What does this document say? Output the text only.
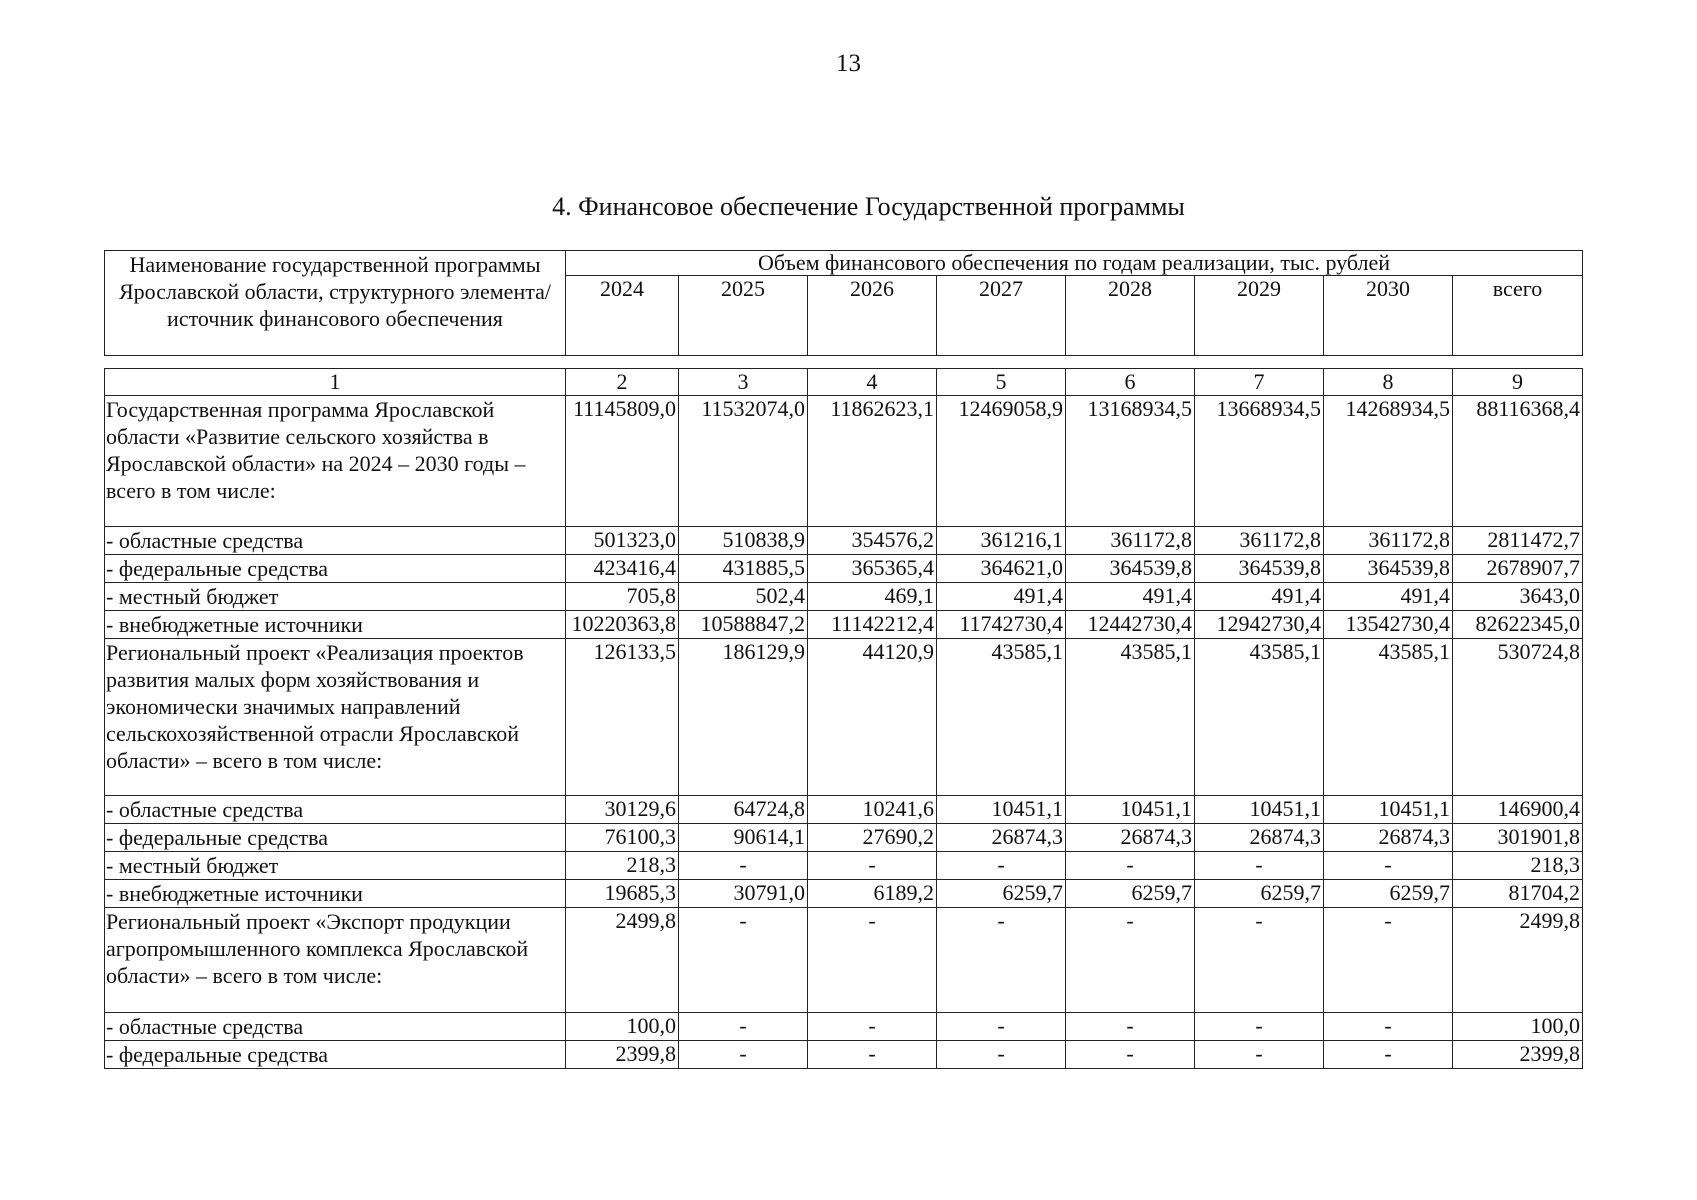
13
4. Финансовое обеспечение Государственной программы
Наименование государственной программы Ярославской области, структурного элемента/ источник финансового обеспечения	Объем финансового обеспечения по годам реализации, тыс. рублей							
	2024	2025	2026	2027	2028	2029	2030	всего
1	2	3	4	5	6	7	8	9
Государственная программа Ярославской области «Развитие сельского хозяйства в Ярославской области» на 2024 – 2030 годы – всего в том числе:	11145809,0	11532074,0	11862623,1	12469058,9	13168934,5	13668934,5	14268934,5	88116368,4
- областные средства	501323,0	510838,9	354576,2	361216,1	361172,8	361172,8	361172,8	2811472,7
- федеральные средства	423416,4	431885,5	365365,4	364621,0	364539,8	364539,8	364539,8	2678907,7
- местный бюджет	705,8	502,4	469,1	491,4	491,4	491,4	491,4	3643,0
- внебюджетные источники	10220363,8	10588847,2	11142212,4	11742730,4	12442730,4	12942730,4	13542730,4	82622345,0
Региональный проект «Реализация проектов развития малых форм хозяйствования и экономически значимых направлений сельскохозяйственной отрасли Ярославской области» – всего в том числе:	126133,5	186129,9	44120,9	43585,1	43585,1	43585,1	43585,1	530724,8
- областные средства	30129,6	64724,8	10241,6	10451,1	10451,1	10451,1	10451,1	146900,4
- федеральные средства	76100,3	90614,1	27690,2	26874,3	26874,3	26874,3	26874,3	301901,8
- местный бюджет	218,3	-	-	-	-	-	-	218,3
- внебюджетные источники	19685,3	30791,0	6189,2	6259,7	6259,7	6259,7	6259,7	81704,2
Региональный проект «Экспорт продукции агропромышленного комплекса Ярославской области» – всего в том числе:	2499,8	-	-	-	-	-	-	2499,8
- областные средства	100,0	-	-	-	-	-	-	100,0
- федеральные средства	2399,8	-	-	-	-	-	-	2399,8
